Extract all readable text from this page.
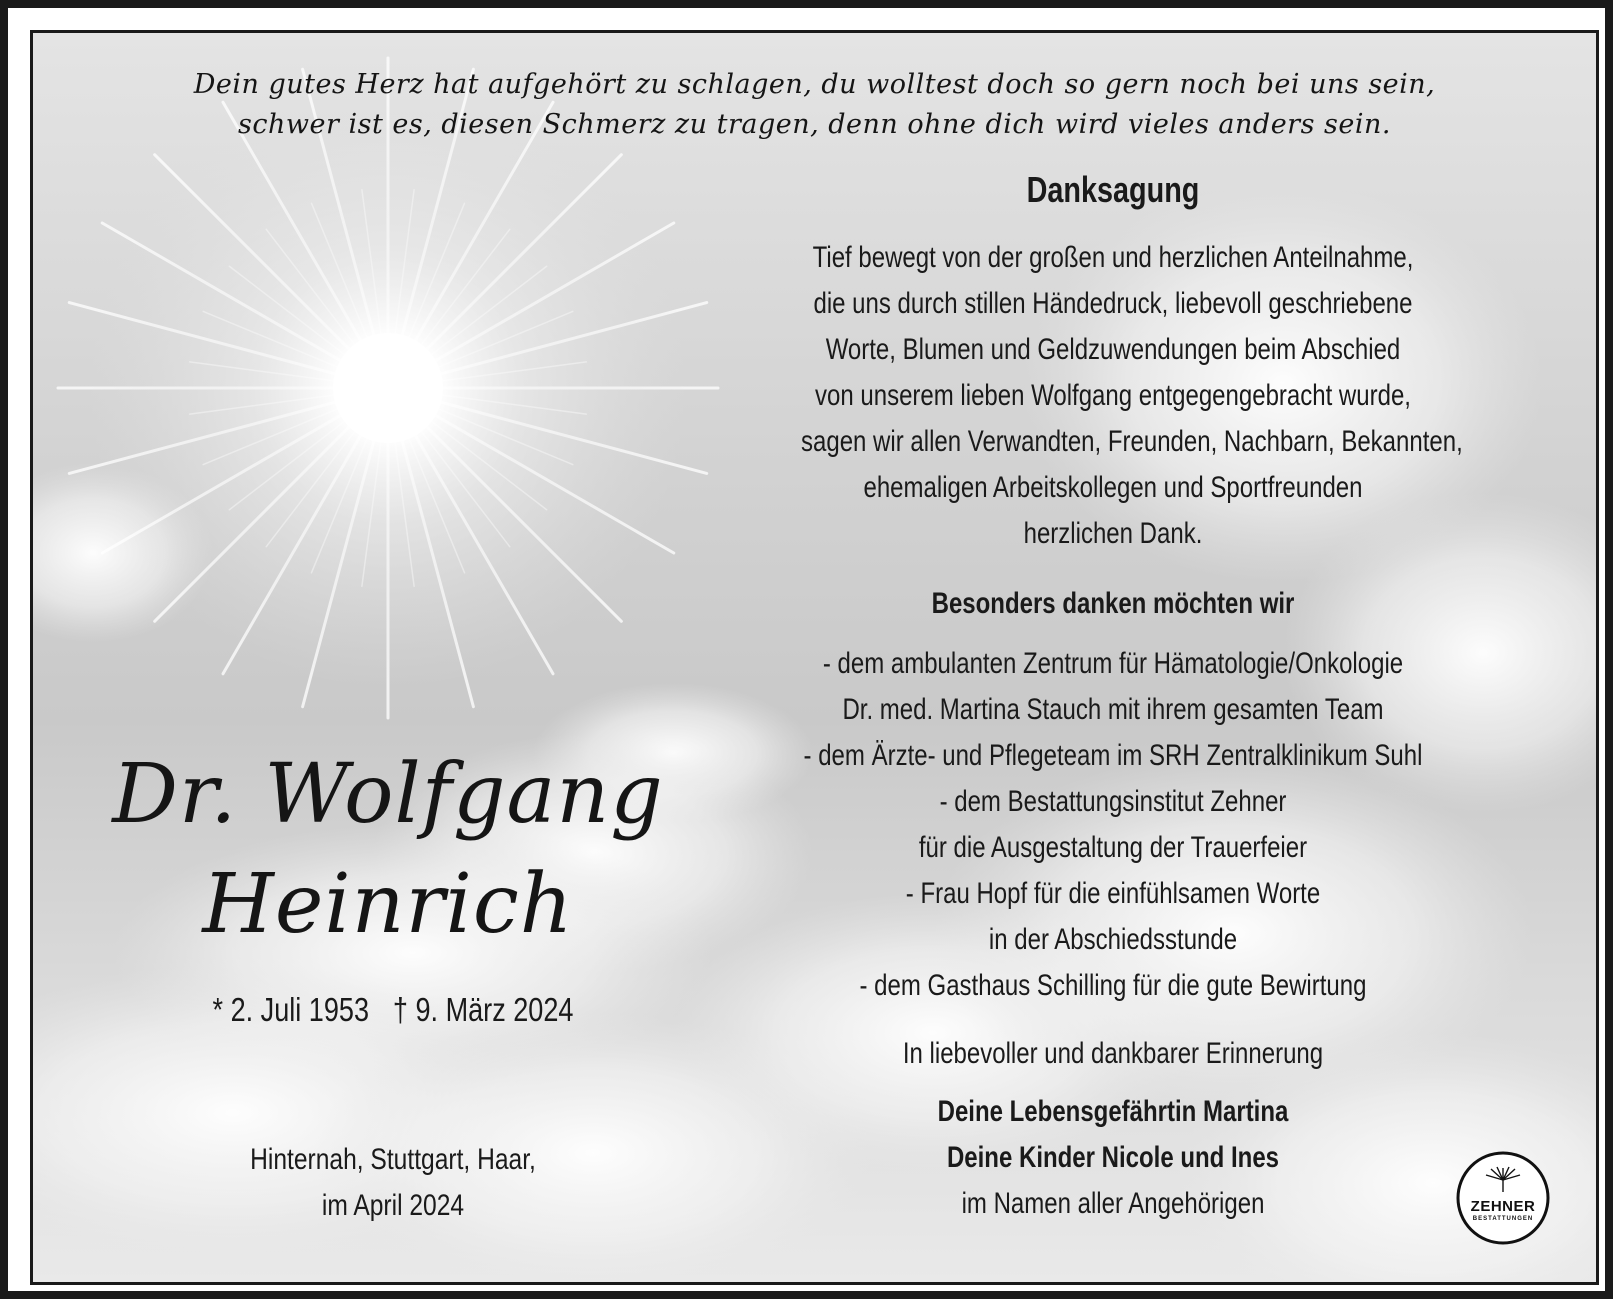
Dein gutes Herz hat aufgehört zu schlagen, du wolltest doch so gern noch bei uns sein,
schwer ist es, diesen Schmerz zu tragen, denn ohne dich wird vieles anders sein.
Danksagung
Tief bewegt von der großen und herzlichen Anteilnahme,
die uns durch stillen Händedruck, liebevoll geschriebene
Worte, Blumen und Geldzuwendungen beim Abschied
von unserem lieben Wolfgang entgegengebracht wurde,
sagen wir allen Verwandten, Freunden, Nachbarn, Bekannten,
ehemaligen Arbeitskollegen und Sportfreunden
herzlichen Dank.
Besonders danken möchten wir
- dem ambulanten Zentrum für Hämatologie/Onkologie
Dr. med. Martina Stauch mit ihrem gesamten Team
- dem Ärzte- und Pflegeteam im SRH Zentralklinikum Suhl
- dem Bestattungsinstitut Zehner
für die Ausgestaltung der Trauerfeier
- Frau Hopf für die einfühlsamen Worte
in der Abschiedsstunde
- dem Gasthaus Schilling für die gute Bewirtung
In liebevoller und dankbarer Erinnerung
Deine Lebensgefährtin Martina
Deine Kinder Nicole und Ines
im Namen aller Angehörigen
Dr. Wolfgang
Heinrich
* 2. Juli 1953 † 9. März 2024
Hinternah, Stuttgart, Haar,
im April 2024	ZEHNER
BESTATTUNGEN
